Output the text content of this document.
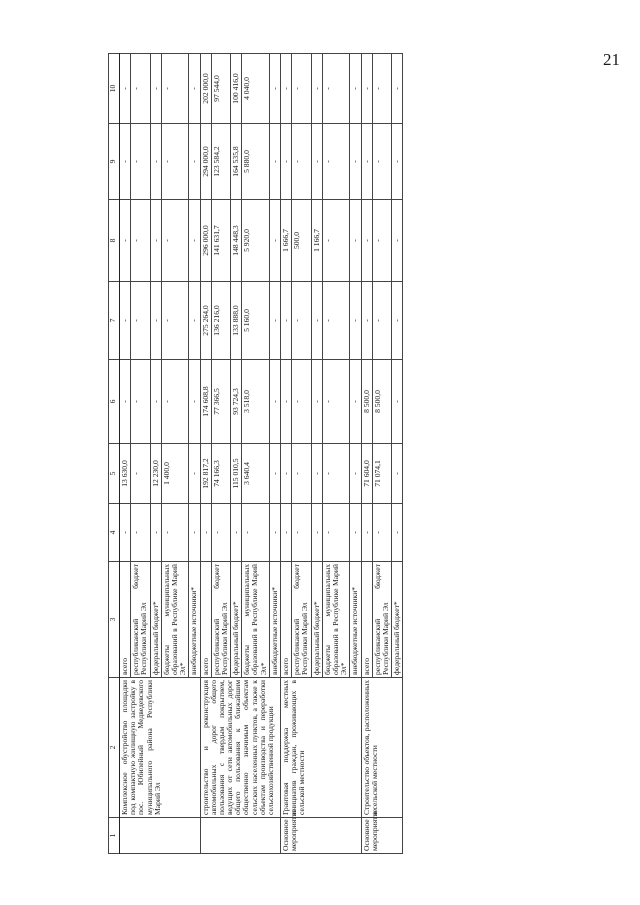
21
1	2	3	4	5	6	7	8	9	10
	Комплексное обустройство площадки под компактную жилищную застройку в пос. Юбилейный Медведевского муниципального района Республики Марий Эл	всего	-	13 630,0	-	-	-	-	-
		республиканский бюджет Республики Марий Эл	-	-	-	-	-	-	-
		федеральный бюджет*	-	12 230,0	-	-	-	-	-
		бюджеты муниципальных образований в Республике Марий Эл*	-	1 400,0	-	-	-	-	-
		внебюджетные источники*	-	-	-	-	-	-	-
	строительство и реконструкция автомобильных дорог общего пользования с твердым покрытием, ведущих от сети автомобильных дорог общего пользования к ближайшим общественно значимым объектам сельских населенных пунктов, а также к объектам производства и переработки сельскохозяйственной продукции	всего	-	192 817,2	174 608,8	275 264,0	296 000,0	294 000,0	202 000,0
		республиканский бюджет Республики Марий Эл	-	74 166,3	77 366,5	136 216,0	141 631,7	123 584,2	97 544,0
		федеральный бюджет*	-	115 010,5	93 724,3	133 888,0	148 448,3	164 535,8	100 416,0
		бюджеты муниципальных образований в Республике Марий Эл*	-	3 640,4	3 518,0	5 160,0	5 920,0	5 880,0	4 040,0
		внебюджетные источники*	-	-	-	-	-	-	-
Основное мероприятие	Грантовая поддержка местных инициатив граждан, проживающих в сельской местности	всего	-	-	-	-	1 666,7	-	-
		республиканский бюджет Республики Марий Эл	-	-	-	-	500,0	-	-
		федеральный бюджет*	-	-	-	-	1 166,7	-	-
		бюджеты муниципальных образований в Республике Марий Эл*	-	-	-	-	-	-	-
		внебюджетные источники*	-	-	-	-	-	-	-
Основное мероприятие	Строительство объектов, расположенных в сельской местности	всего	-	71 604,0	8 500,0	-	-	-	-
		республиканский бюджет Республики Марий Эл	-	71 074,1	8 500,0	-	-	-	-
		федеральный бюджет*	-	-	-	-	-	-	-
